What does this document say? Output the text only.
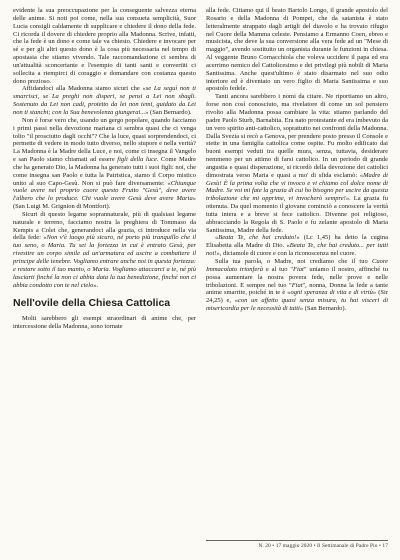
evidente la sua preoccupazione per la conseguente salvezza eterna delle anime. Si noti poi come, nella sua consueta semplicità, Suor Lucia consigli caldamente di supplicare e chiedere il dono della fede. Ci ricorda il dovere di chiedere proprio alla Madonna. Scrive, infatti, che la fede è un dono e come tale va chiesto. Chiedere e invocare per sé e per gli altri questo dono è la cosa più necessaria nel tempo di apostasia che stiamo vivendo. Tale raccomandazione ci sembra di un'attualità sconcertante e l'esempio di tanti santi e convertiti ci sollecita a riempirci di coraggio e domandare con costanza questo dono prezioso.

Affidandoci alla Madonna siamo sicuri che «se La seguì non ti smarrisci, se La preghi non disperi, se pensi a Lei non sbagli. Sostenuto da Lei non cadi, protetto da lei non temi, guidato da Lei non ti stanchi; con la Sua benevolenza giungerai...» (San Bernardo).

Non è forse vero che, usando un gergo popolare, quando facciamo i primi passi nella devozione mariana ci sembra quasi che ci venga tolto "il prosciutto dagli occhi"? Che la luce, quasi sorprendendoci, ci permette di vedere in modo tutto diverso, nello stupore e nella verità? La Madonna è la Madre della Luce, e noi, come ci insegna il Vangelo e san Paolo siamo chiamati ad essere figli della luce. Come Madre che ha generato Dio, la Madonna ha generato tutti i suoi figli: noi, che come insegna san Paolo e tutta la Patristica, siamo il Corpo mistico unito al suo Capo-Gesù. Non si può fare diversamente: «Chiunque vuole avere nel proprio cuore questo Frutto "Gesù", deve avere l'albero che lo produce. Chi vuole avere Gesù deve avere Maria» (San Luigi M. Grignion di Montfort).

Sicuri di questo legame soprannaturale, più di qualsiasi legame naturale e terreno, facciamo nostra la preghiera di Tommaso da Kempis a Colei che, generandoci alla grazia, ci introduce nella via della fede: «Non v'è luogo più sicuro, né porto più tranquillo che il tuo seno, o Maria. Tu sei la fortezza in cui è entrato Gesù, per rivestire un corpo simile ad un'armatura ed uscire a combattere il principe delle tenebre. Vogliamo entrare anche noi in questa fortezza: e restare sotto il tuo manto, o Maria. Vogliamo attaccarci a te, né più lasciarti finché la non ci abbia data la tua benedizione, finché non ci abbia condotto con te nel cielo».

Nell'ovile della Chiesa Cattolica

Molti sarebbero gli esempi straordinari di anime che, per intercessione della Madonna, sono tornate

alla fede. Citiamo qui il beato Bartolo Longo, il grande apostolo del Rosario e della Madonna di Pompei, che da satanista è stato letteralmente strappato dagli artigli del diavolo e ha trovato rifugio nel Cuore della Mamma celeste. Pensiamo a Ermanno Coen, ebreo e musicista, che deve la sua conversione alla vera fede ad un "Mese di maggio", avendo sostituito un organista durante le funzioni in chiesa. Al veggente Bruno Cornacchiola che voleva uccidere il papa ed era acerrimo nemico del Cattolicesimo e dei privilegi più nobili di Maria Santissima. Anche quest'ultimo è stato disarmato nel suo odio interiore ed è diventato un vero figlio di Maria Santissima e suo apostolo fedele.

Tanti ancora sarebbero i nomi da citare. Ne riportiamo un altro, forse non così conosciuto, ma rivelatore di come un sol pensiero rivolto alla Madonna possa cambiare la vita: stiamo parlando del padre Paolo Sturb, Barnabita. Era nato protestante ed era imbevuto da un vero spirito anti-cattolico, soprattutto nei confronti della Madonna. Dalla Svezia si recò a Genova, per prendere posto presso il Console e stette in una famiglia cattolica come ospite. Fu molto edificato dai buoni esempi veduti tra quelle mura, senza, tuttavia, desiderare nemmeno per un attimo di farsi cattolico. In un periodo di grande angustia e quasi disperazione, si ricordò della devozione dei cattolici dimostrata verso Maria e quasi a mo' di sfida esclamò: «Madre di Gesù! È la prima volta che vi invoco e vi chiamo col dolce nome di Madre. Se voi mi fate la grazia di cui ho bisogno per uscire da questa tribolazione che mi opprime, vi invocherò sempre!». La grazia fu ottenuta. Da quel momento il giovane cominciò a conoscere la verità tutta intera e a breve si fece cattolico. Divenne poi religioso, abbracciando la Regola di S. Paolo e fu zelante apostolo di Maria Santissima, Madre della fede.

«Beata Te, che hai creduto!» (Lc 1,45) ha detto la cugina Elisabetta alla Madre di Dio. «Beata Te, che hai creduto... per tutti noi!», diciamole di cuore e con la riconoscenza nel cuore.

Sulla tua parola, o Madre, noi crediamo che il tuo Cuore Immacolato trionferà e al tuo "Fiat" uniamo il nostro, affinché tu possa aumentare la nostra povera fede, nelle prove e nelle tribolazioni. E sempre nel tuo "Fiat", nonna, Donna la fede a tante anime smarrite, poiché in te è «ogni speranza di vita e di virtù» (Sir 24,25) e, «con un affetto quasi senza misura, tu hai visceri di misericordia per le necessità di tutti» (San Bernardo).

N. 20 • 17 maggio 2020 • Il Settimanale di Padre Pio • 17
